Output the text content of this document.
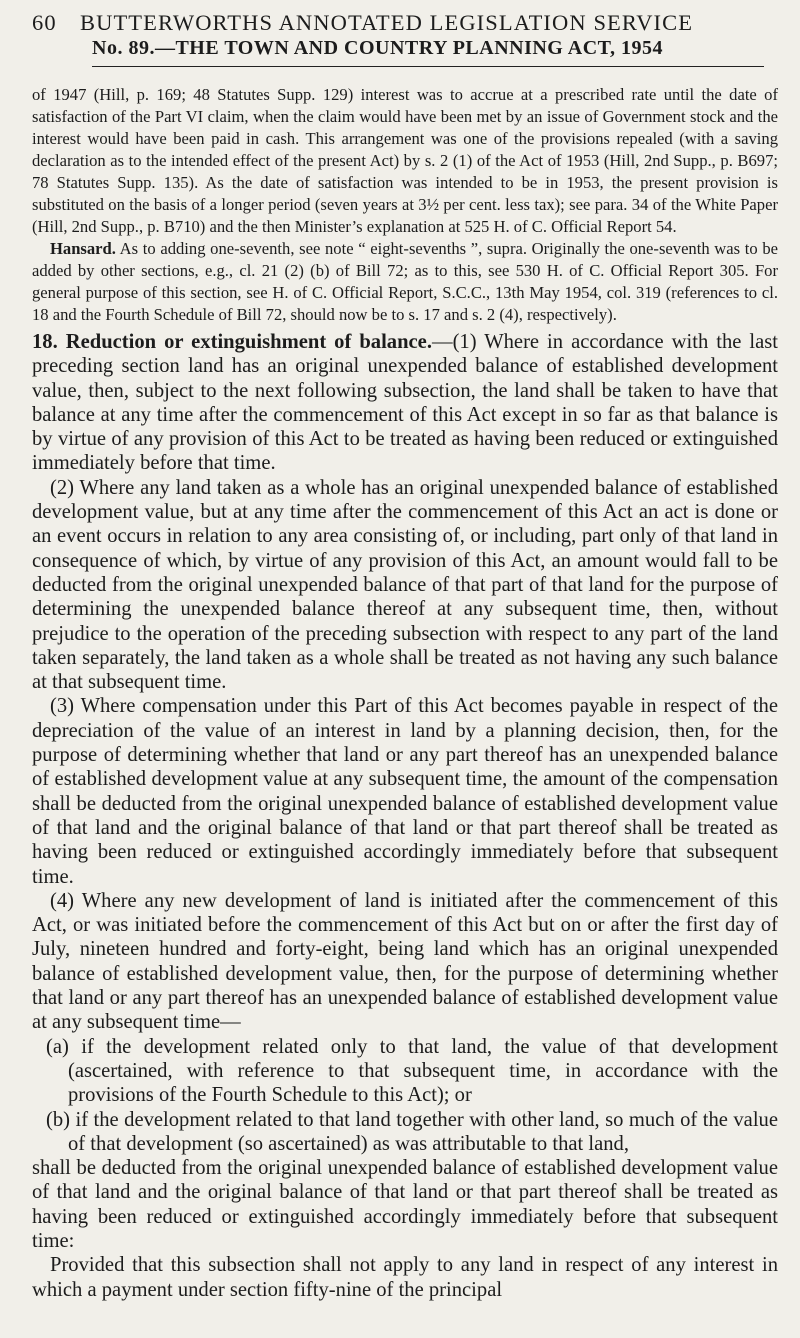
60 BUTTERWORTHS ANNOTATED LEGISLATION SERVICE
No. 89.—THE TOWN AND COUNTRY PLANNING ACT, 1954

of 1947 (Hill, p. 169; 48 Statutes Supp. 129) interest was to accrue at a prescribed rate until the date of satisfaction of the Part VI claim, when the claim would have been met by an issue of Government stock and the interest would have been paid in cash. This arrangement was one of the provisions repealed (with a saving declaration as to the intended effect of the present Act) by s. 2 (1) of the Act of 1953 (Hill, 2nd Supp., p. B697; 78 Statutes Supp. 135). As the date of satisfaction was intended to be in 1953, the present provision is substituted on the basis of a longer period (seven years at 3½ per cent. less tax); see para. 34 of the White Paper (Hill, 2nd Supp., p. B710) and the then Minister’s explanation at 525 H. of C. Official Report 54.

Hansard. As to adding one-seventh, see note “ eight-sevenths ”, supra. Originally the one-seventh was to be added by other sections, e.g., cl. 21 (2) (b) of Bill 72; as to this, see 530 H. of C. Official Report 305. For general purpose of this section, see H. of C. Official Report, S.C.C., 13th May 1954, col. 319 (references to cl. 18 and the Fourth Schedule of Bill 72, should now be to s. 17 and s. 2 (4), respectively).

18. Reduction or extinguishment of balance.—(1) Where in accordance with the last preceding section land has an original unexpended balance of established development value, then, subject to the next following subsection, the land shall be taken to have that balance at any time after the commencement of this Act except in so far as that balance is by virtue of any provision of this Act to be treated as having been reduced or extinguished immediately before that time.

(2) Where any land taken as a whole has an original unexpended balance of established development value, but at any time after the commencement of this Act an act is done or an event occurs in relation to any area consisting of, or including, part only of that land in consequence of which, by virtue of any provision of this Act, an amount would fall to be deducted from the original unexpended balance of that part of that land for the purpose of determining the unexpended balance thereof at any subsequent time, then, without prejudice to the operation of the preceding subsection with respect to any part of the land taken separately, the land taken as a whole shall be treated as not having any such balance at that subsequent time.

(3) Where compensation under this Part of this Act becomes payable in respect of the depreciation of the value of an interest in land by a planning decision, then, for the purpose of determining whether that land or any part thereof has an unexpended balance of established development value at any subsequent time, the amount of the compensation shall be deducted from the original unexpended balance of established development value of that land and the original balance of that land or that part thereof shall be treated as having been reduced or extinguished accordingly immediately before that subsequent time.

(4) Where any new development of land is initiated after the commencement of this Act, or was initiated before the commencement of this Act but on or after the first day of July, nineteen hundred and forty-eight, being land which has an original unexpended balance of established development value, then, for the purpose of determining whether that land or any part thereof has an unexpended balance of established development value at any subsequent time—

(a) if the development related only to that land, the value of that development (ascertained, with reference to that subsequent time, in accordance with the provisions of the Fourth Schedule to this Act); or

(b) if the development related to that land together with other land, so much of the value of that development (so ascertained) as was attributable to that land,

shall be deducted from the original unexpended balance of established development value of that land and the original balance of that land or that part thereof shall be treated as having been reduced or extinguished accordingly immediately before that subsequent time:

Provided that this subsection shall not apply to any land in respect of any interest in which a payment under section fifty-nine of the principal
